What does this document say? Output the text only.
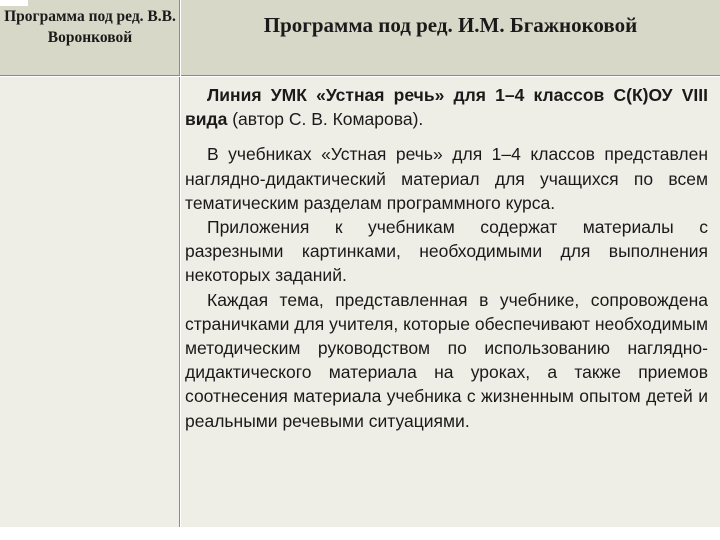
Программа под ред. В.В. Воронковой
Программа под ред. И.М. Бгажноковой

Линия УМК «Устная речь» для 1–4 классов С(К)ОУ VIII вида (автор С. В. Комарова).

В учебниках «Устная речь» для 1–4 классов представлен наглядно-дидактический материал для учащихся по всем тематическим разделам программного курса.

Приложения к учебникам содержат материалы с разрезными картинками, необходимыми для выполнения некоторых заданий.

Каждая тема, представленная в учебнике, сопровождена страничками для учителя, которые обеспечивают необходимым методическим руководством по использованию наглядно-дидактического материала на уроках, а также приемов соотнесения материала учебника с жизненным опытом детей и реальными речевыми ситуациями.
